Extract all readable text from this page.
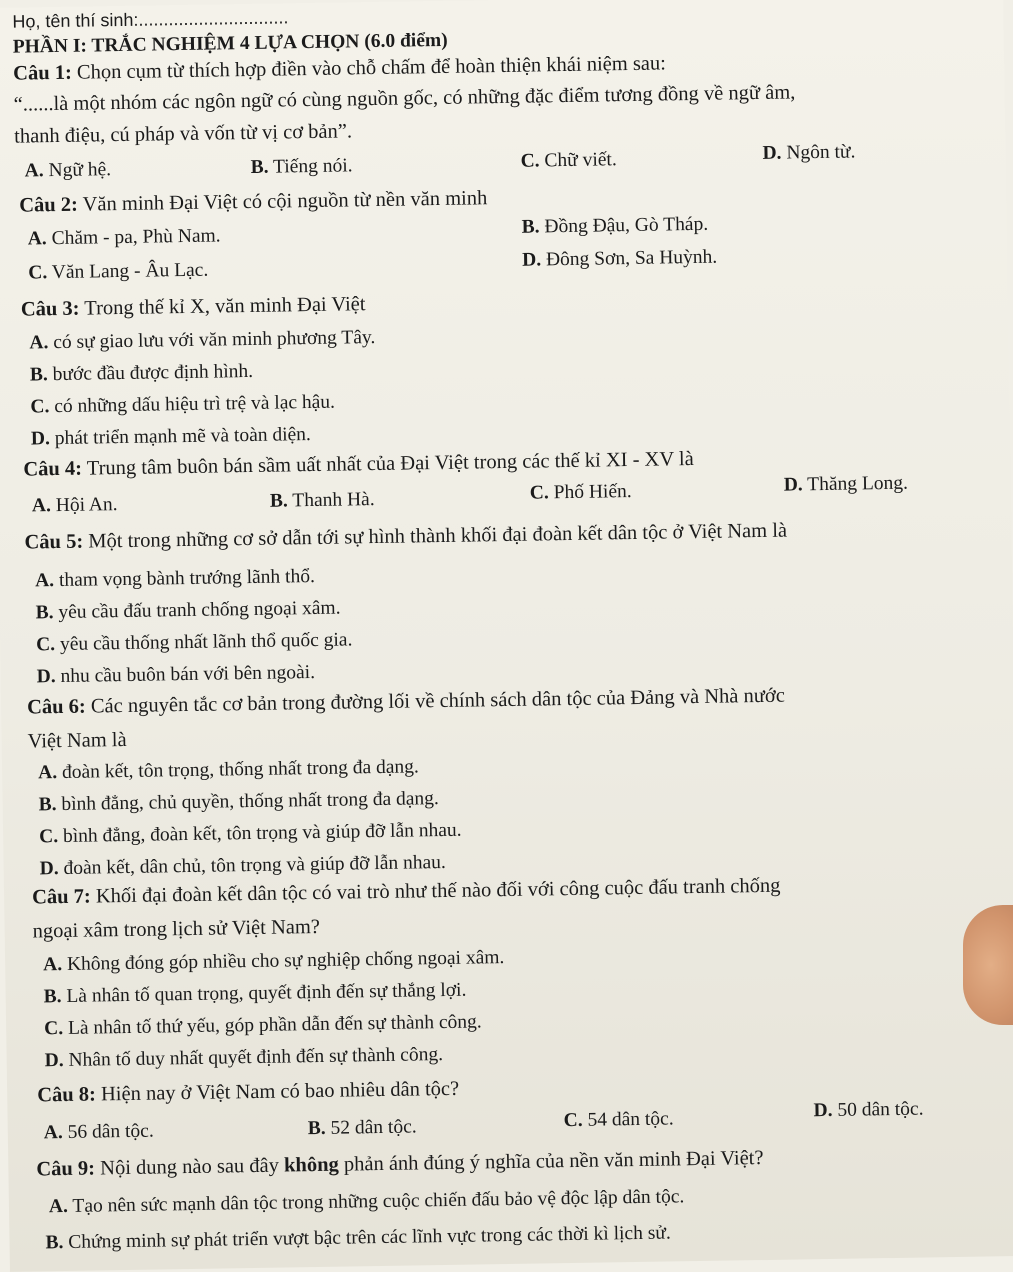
Họ, tên thí sinh:..............................
PHẦN I: TRẮC NGHIỆM 4 LỰA CHỌN (6.0 điểm)
Câu 1: Chọn cụm từ thích hợp điền vào chỗ chấm để hoàn thiện khái niệm sau:
“......là một nhóm các ngôn ngữ có cùng nguồn gốc, có những đặc điểm tương đồng về ngữ âm,
thanh điệu, cú pháp và vốn từ vị cơ bản”.
A. Ngữ hệ.	B. Tiếng nói.	C. Chữ viết.	D. Ngôn từ.
Câu 2: Văn minh Đại Việt có cội nguồn từ nền văn minh
A. Chăm - pa, Phù Nam.	B. Đồng Đậu, Gò Tháp.
C. Văn Lang - Âu Lạc.	D. Đông Sơn, Sa Huỳnh.
Câu 3: Trong thế kỉ X, văn minh Đại Việt
A. có sự giao lưu với văn minh phương Tây.
B. bước đầu được định hình.
C. có những dấu hiệu trì trệ và lạc hậu.
D. phát triển mạnh mẽ và toàn diện.
Câu 4: Trung tâm buôn bán sầm uất nhất của Đại Việt trong các thế kỉ XI - XV là
A. Hội An.	B. Thanh Hà.	C. Phố Hiến.	D. Thăng Long.
Câu 5: Một trong những cơ sở dẫn tới sự hình thành khối đại đoàn kết dân tộc ở Việt Nam là
A. tham vọng bành trướng lãnh thổ.
B. yêu cầu đấu tranh chống ngoại xâm.
C. yêu cầu thống nhất lãnh thổ quốc gia.
D. nhu cầu buôn bán với bên ngoài.
Câu 6: Các nguyên tắc cơ bản trong đường lối về chính sách dân tộc của Đảng và Nhà nước
Việt Nam là
A. đoàn kết, tôn trọng, thống nhất trong đa dạng.
B. bình đẳng, chủ quyền, thống nhất trong đa dạng.
C. bình đẳng, đoàn kết, tôn trọng và giúp đỡ lẫn nhau.
D. đoàn kết, dân chủ, tôn trọng và giúp đỡ lẫn nhau.
Câu 7: Khối đại đoàn kết dân tộc có vai trò như thế nào đối với công cuộc đấu tranh chống
ngoại xâm trong lịch sử Việt Nam?
A. Không đóng góp nhiều cho sự nghiệp chống ngoại xâm.
B. Là nhân tố quan trọng, quyết định đến sự thắng lợi.
C. Là nhân tố thứ yếu, góp phần dẫn đến sự thành công.
D. Nhân tố duy nhất quyết định đến sự thành công.
Câu 8: Hiện nay ở Việt Nam có bao nhiêu dân tộc?
A. 56 dân tộc.	B. 52 dân tộc.	C. 54 dân tộc.	D. 50 dân tộc.
Câu 9: Nội dung nào sau đây không phản ánh đúng ý nghĩa của nền văn minh Đại Việt?
A. Tạo nên sức mạnh dân tộc trong những cuộc chiến đấu bảo vệ độc lập dân tộc.
B. Chứng minh sự phát triển vượt bậc trên các lĩnh vực trong các thời kì lịch sử.
